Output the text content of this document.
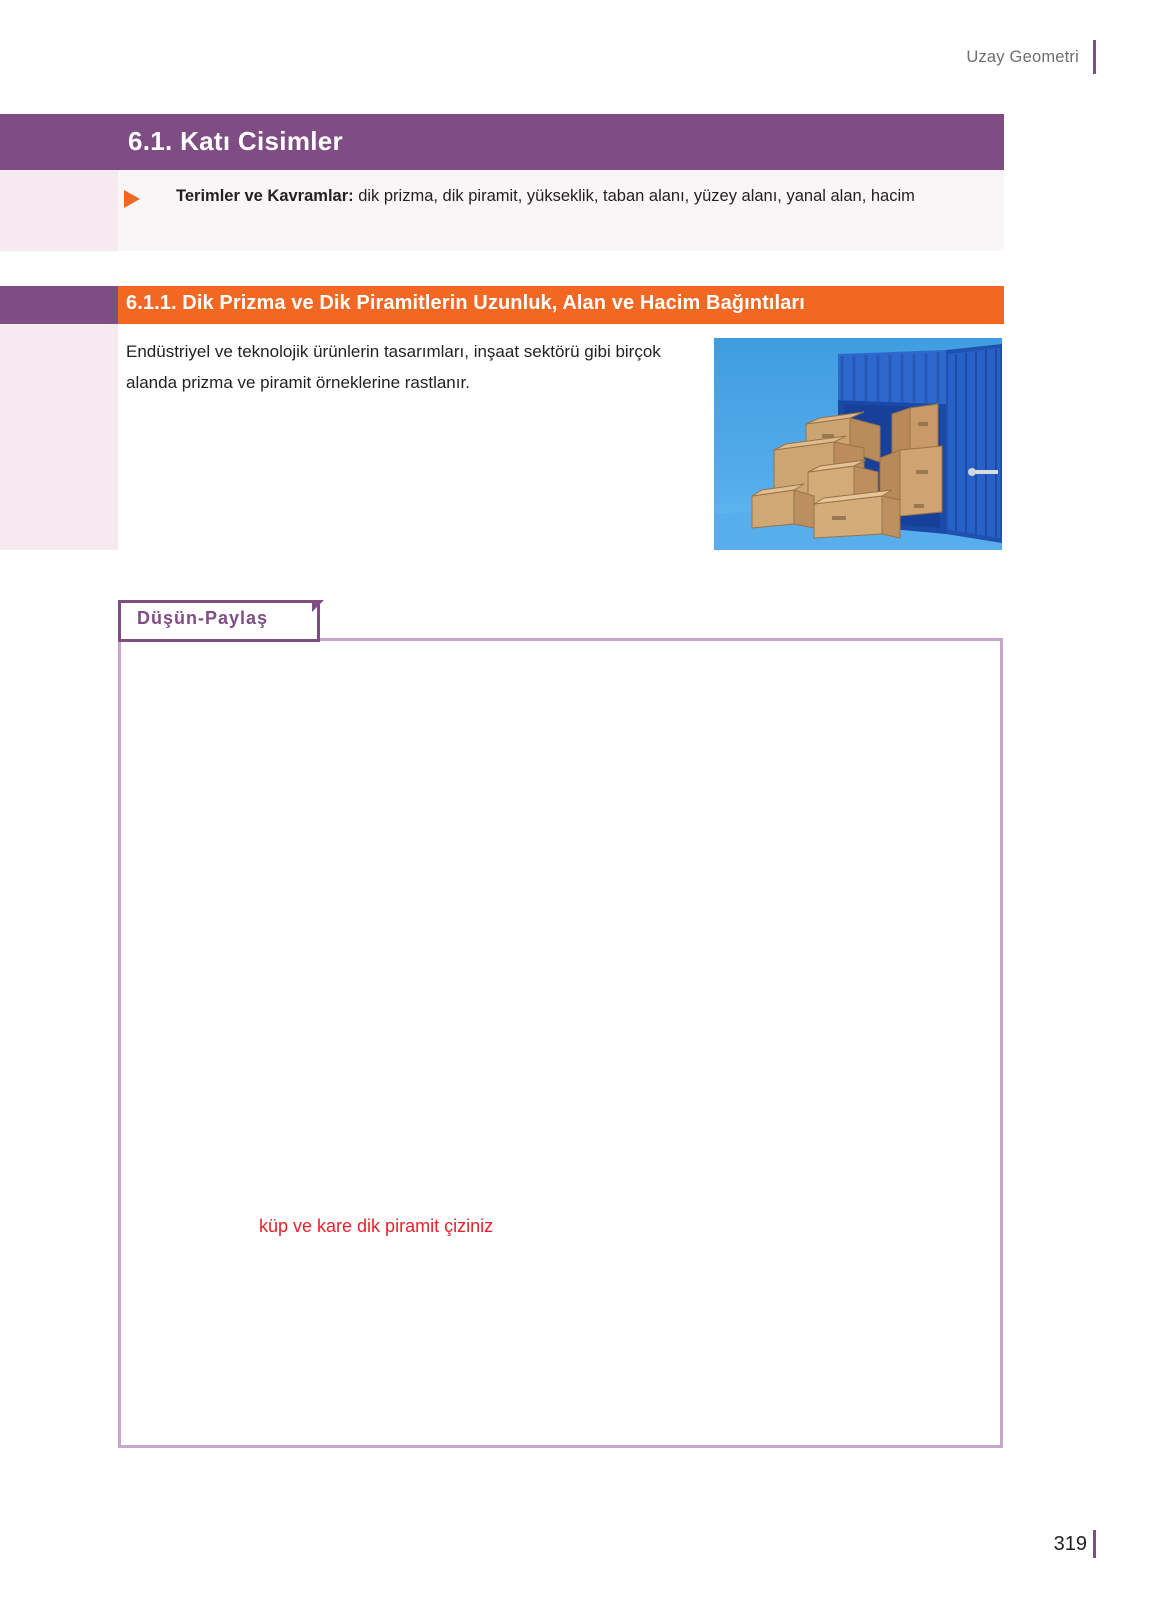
Uzay Geometri
6.1. Katı Cisimler
Terimler ve Kavramlar: dik prizma, dik piramit, yükseklik, taban alanı, yüzey alanı, yanal alan, hacim
6.1.1. Dik Prizma ve Dik Piramitlerin Uzunluk, Alan ve Hacim Bağıntıları
Endüstriyel ve teknolojik ürünlerin tasarımları, inşaat sektörü gibi birçok alanda prizma ve piramit örneklerine rastlanır.
Düşün-Paylaş
küp ve kare dik piramit çiziniz
319
